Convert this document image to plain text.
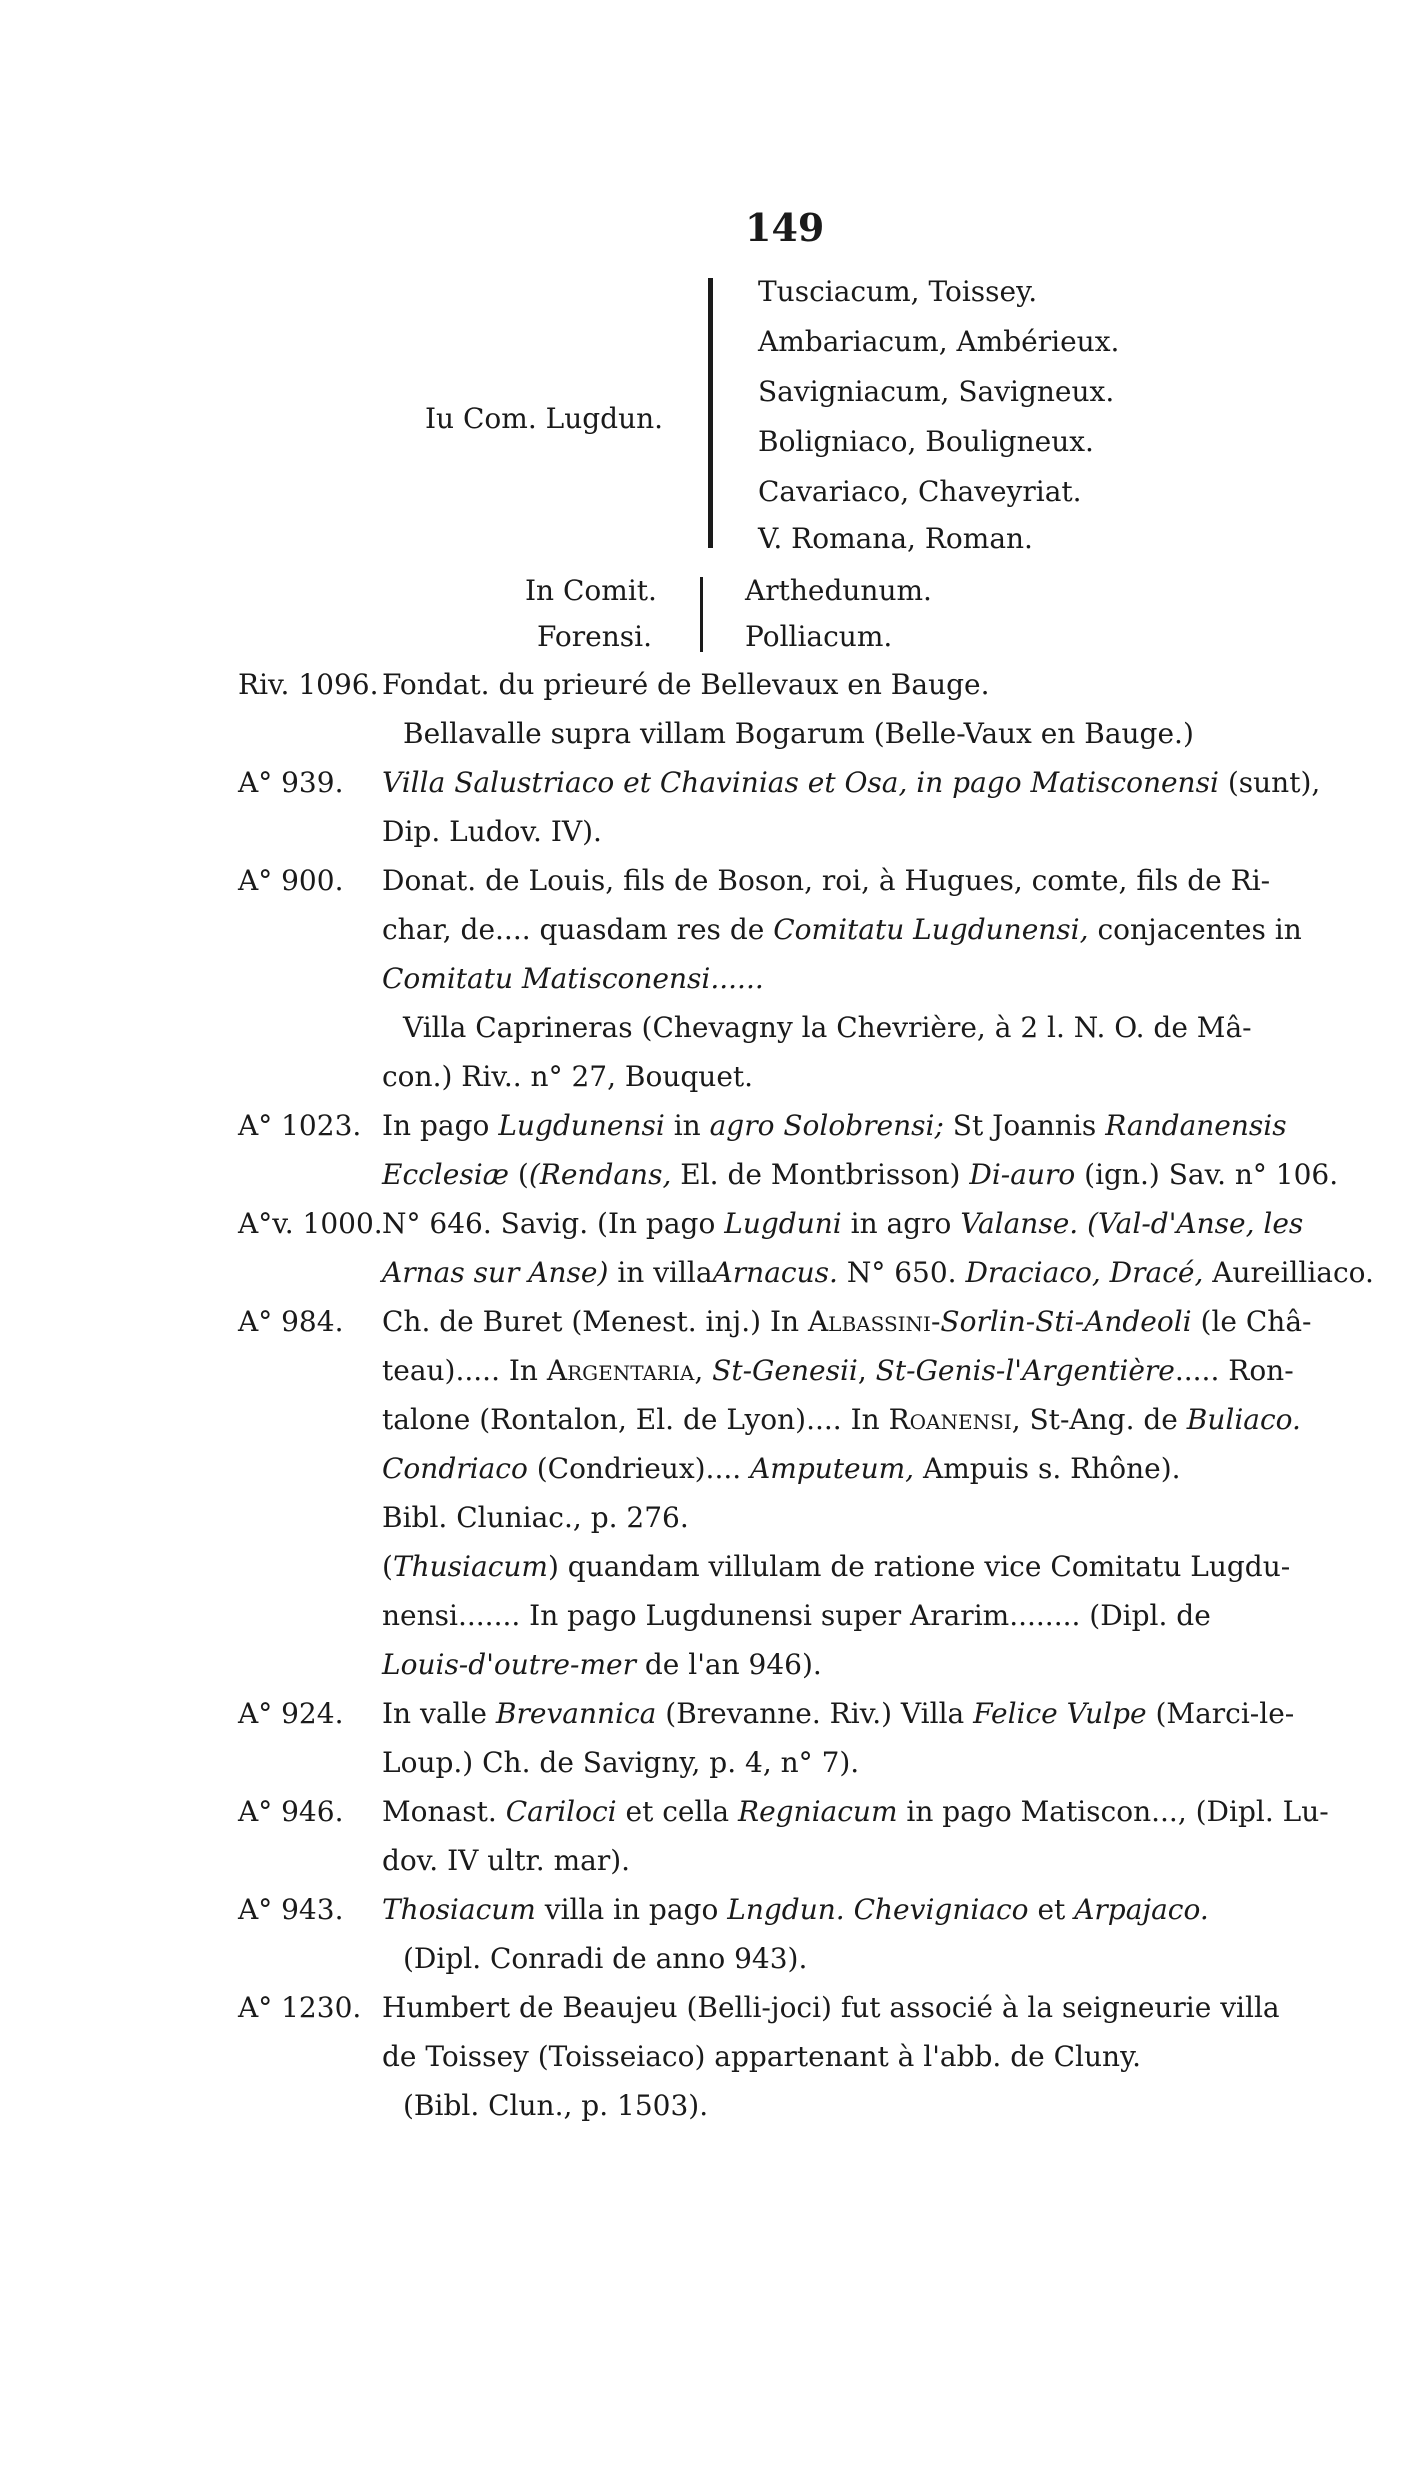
149
Iu Com. Lugdun.
Tusciacum, Toissey.
Ambariacum, Ambérieux.
Savigniacum, Savigneux.
Boligniaco, Bouligneux.
Cavariaco, Chaveyriat.
V. Romana, Roman.
In Comit.
Forensi.
Arthedunum.
Polliacum.
Riv. 1096. Fondat. du prieuré de Bellevaux en Bauge.
Bellavalle supra villam Bogarum (Belle-Vaux en Bauge.)
A° 939. Villa Salustriaco et Chavinias et Osa, in pago Matisconensi (sunt),
Dip. Ludov. IV).
A° 900. Donat. de Louis, fils de Boson, roi, à Hugues, comte, fils de Ri-
char, de.... quasdam res de Comitatu Lugdunensi, conjacentes in
Comitatu Matisconensi......
Villa Caprineras (Chevagny la Chevrière, à 2 l. N. O. de Mâ-
con.) Riv.. n° 27, Bouquet.
A° 1023. In pago Lugdunensi in agro Solobrensi; St Joannis Randanensis
Ecclesiæ ((Rendans, El. de Montbrisson) Di-auro (ign.) Sav. n° 106.
A°v. 1000.N° 646. Savig. (In pago Lugduni in agro Valanse. (Val-d'Anse, les
Arnas sur Anse) in villaArnacus. N° 650. Draciaco, Dracé, Aureilliaco.
A° 984. Ch. de Buret (Menest. inj.) In Albassini-Sorlin-Sti-Andeoli (le Châ-
teau)..... In Argentaria, St-Genesii, St-Genis-l'Argentière..... Ron-
talone (Rontalon, El. de Lyon).... In Roanensi, St-Ang. de Buliaco.
Condriaco (Condrieux).... Amputeum, Ampuis s. Rhône).
Bibl. Cluniac., p. 276.
(Thusiacum) quandam villulam de ratione vice Comitatu Lugdu-
nensi....... In pago Lugdunensi super Ararim........ (Dipl. de
Louis-d'outre-mer de l'an 946).
A° 924. In valle Brevannica (Brevanne. Riv.) Villa Felice Vulpe (Marci-le-
Loup.) Ch. de Savigny, p. 4, n° 7).
A° 946. Monast. Cariloci et cella Regniacum in pago Matiscon..., (Dipl. Lu-
dov. IV ultr. mar).
A° 943. Thosiacum villa in pago Lngdun. Chevigniaco et Arpajaco.
(Dipl. Conradi de anno 943).
A° 1230. Humbert de Beaujeu (Belli-joci) fut associé à la seigneurie villa
de Toissey (Toisseiaco) appartenant à l'abb. de Cluny.
(Bibl. Clun., p. 1503).
